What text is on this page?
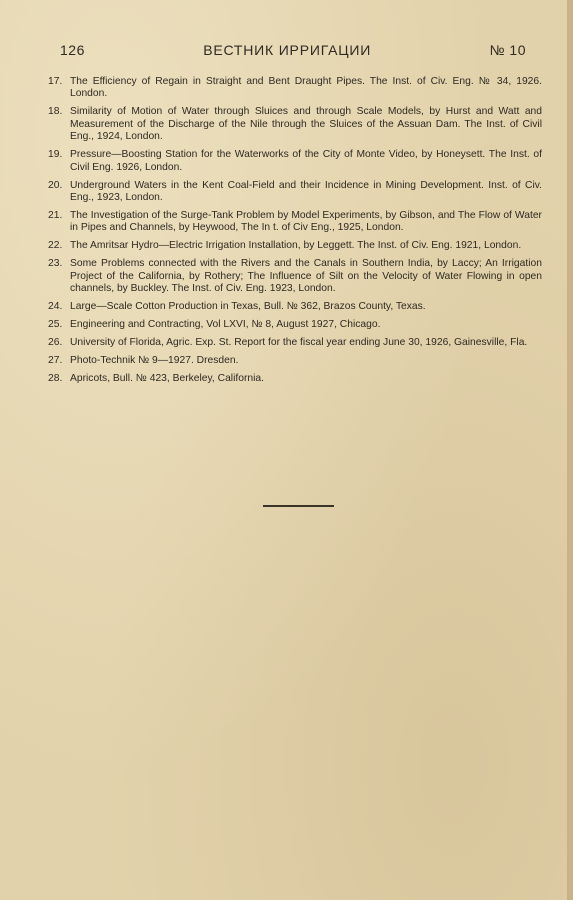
126	ВЕСТНИК ИРРИГАЦИИ	№ 10
17. The Efficiency of Regain in Straight and Bent Draught Pipes. The Inst. of Civ. Eng. № 34, 1926. London.
18. Similarity of Motion of Water through Sluices and through Scale Models, by Hurst and Watt and Measurement of the Discharge of the Nile through the Sluices of the Assuan Dam. The Inst. of Civil Eng., 1924, London.
19. Pressure—Boosting Station for the Waterworks of the City of Monte Video, by Honeysett. The Inst. of Civil Eng. 1926, London.
20. Underground Waters in the Kent Coal-Field and their Incidence in Mining Development. Inst. of Civ. Eng., 1923, London.
21. The Investigation of the Surge-Tank Problem by Model Experiments, by Gibson, and The Flow of Water in Pipes and Channels, by Heywood, The In t. of Civ Eng., 1925, London.
22. The Amritsar Hydro—Electric Irrigation Installation, by Leggett. The Inst. of Civ. Eng. 1921, London.
23. Some Problems connected with the Rivers and the Canals in Southern India, by Laccy; An Irrigation Project of the California, by Rothery; The Influence of Silt on the Velocity of Water Flowing in open channels, by Buckley. The Inst. of Civ. Eng. 1923, London.
24. Large—Scale Cotton Production in Texas, Bull. № 362, Brazos County, Texas.
25. Engineering and Contracting, Vol LXVI, № 8, August 1927, Chicago.
26. University of Florida, Agric. Exp. St. Report for the fiscal year ending June 30, 1926, Gainesville, Fla.
27. Photo-Technik № 9—1927. Dresden.
28. Apricots, Bull. № 423, Berkeley, California.
